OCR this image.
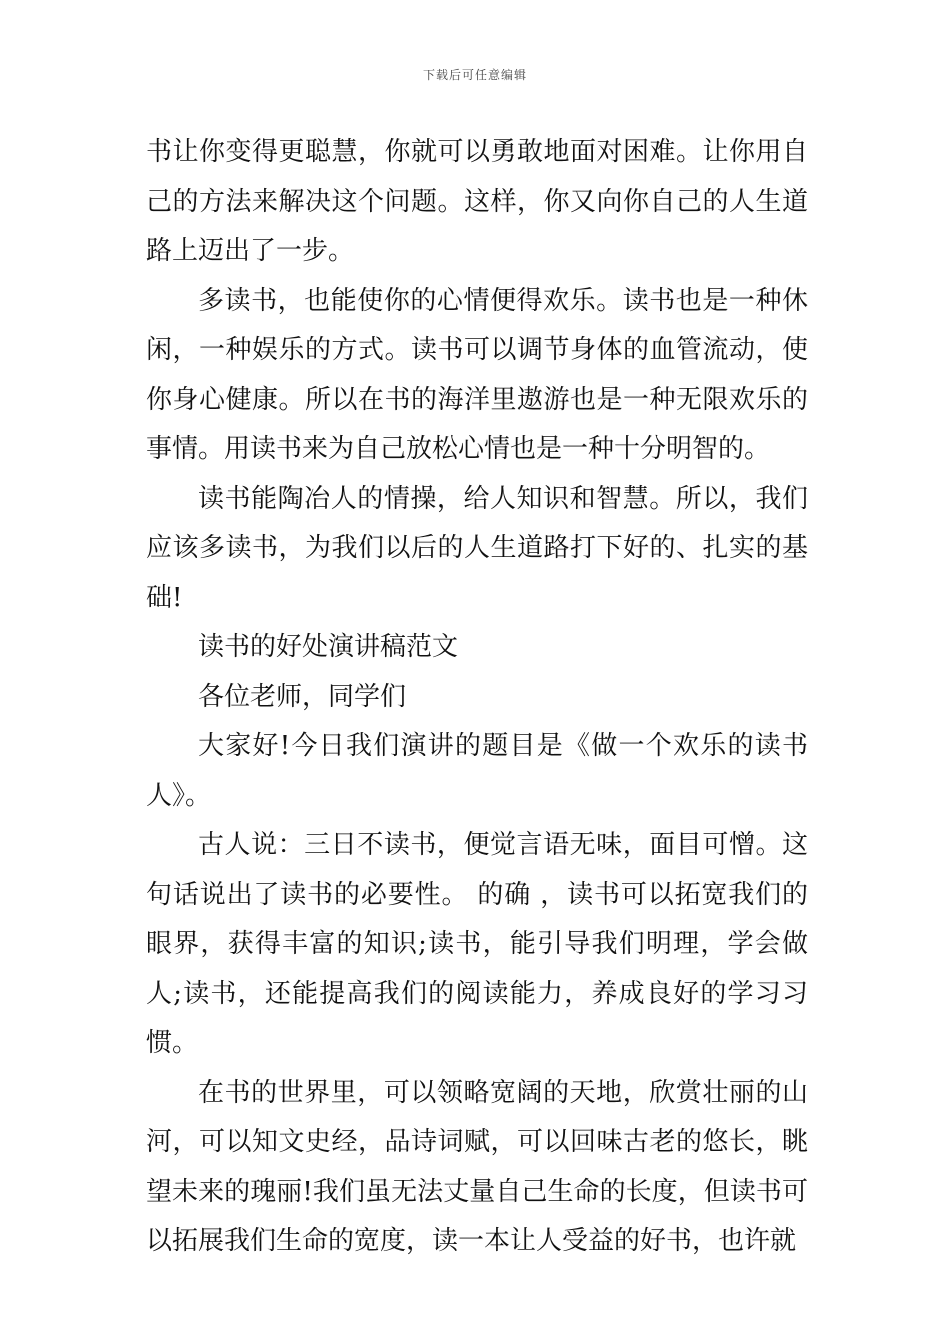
下载后可任意编辑

书让你变得更聪慧，你就可以勇敢地面对困难。让你用自己的方法来解决这个问题。这样，你又向你自己的人生道路上迈出了一步。

多读书，也能使你的心情便得欢乐。读书也是一种休闲，一种娱乐的方式。读书可以调节身体的血管流动，使你身心健康。所以在书的海洋里遨游也是一种无限欢乐的事情。用读书来为自己放松心情也是一种十分明智的。

读书能陶冶人的情操，给人知识和智慧。所以，我们应该多读书，为我们以后的人生道路打下好的、扎实的基础!

读书的好处演讲稿范文

各位老师，同学们

大家好!今日我们演讲的题目是《做一个欢乐的读书人》。

古人说：三日不读书，便觉言语无味，面目可憎。这句话说出了读书的必要性。 的确 ，读书可以拓宽我们的眼界，获得丰富的知识;读书，能引导我们明理，学会做人;读书，还能提高我们的阅读能力，养成良好的学习习惯。

在书的世界里，可以领略宽阔的天地，欣赏壮丽的山河，可以知文史经，品诗词赋，可以回味古老的悠长，眺望未来的瑰丽!我们虽无法丈量自己生命的长度，但读书可以拓展我们生命的宽度，读一本让人受益的好书，也许就
